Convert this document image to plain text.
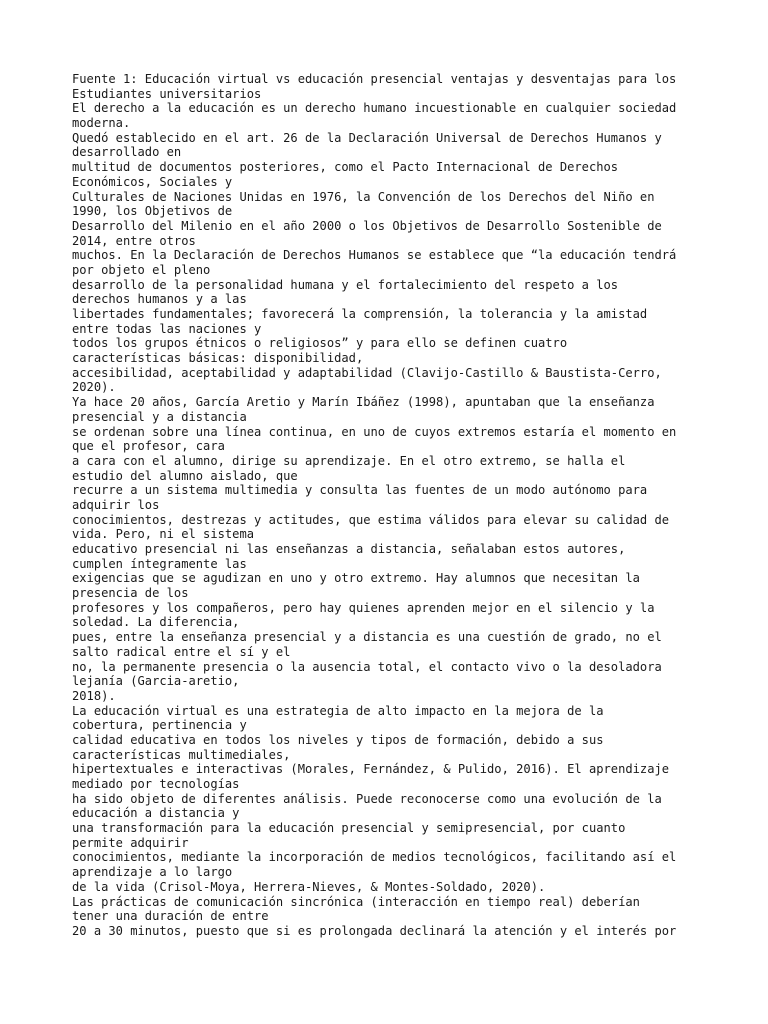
Fuente 1: Educación virtual vs educación presencial ventajas y desventajas para los
Estudiantes universitarios
El derecho a la educación es un derecho humano incuestionable en cualquier sociedad
moderna.
Quedó establecido en el art. 26 de la Declaración Universal de Derechos Humanos y
desarrollado en
multitud de documentos posteriores, como el Pacto Internacional de Derechos
Económicos, Sociales y
Culturales de Naciones Unidas en 1976, la Convención de los Derechos del Niño en
1990, los Objetivos de
Desarrollo del Milenio en el año 2000 o los Objetivos de Desarrollo Sostenible de
2014, entre otros
muchos. En la Declaración de Derechos Humanos se establece que “la educación tendrá
por objeto el pleno
desarrollo de la personalidad humana y el fortalecimiento del respeto a los
derechos humanos y a las
libertades fundamentales; favorecerá la comprensión, la tolerancia y la amistad
entre todas las naciones y
todos los grupos étnicos o religiosos” y para ello se definen cuatro
características básicas: disponibilidad,
accesibilidad, aceptabilidad y adaptabilidad (Clavijo-Castillo & Baustista-Cerro,
2020).
Ya hace 20 años, García Aretio y Marín Ibáñez (1998), apuntaban que la enseñanza
presencial y a distancia
se ordenan sobre una línea continua, en uno de cuyos extremos estaría el momento en
que el profesor, cara
a cara con el alumno, dirige su aprendizaje. En el otro extremo, se halla el
estudio del alumno aislado, que
recurre a un sistema multimedia y consulta las fuentes de un modo autónomo para
adquirir los
conocimientos, destrezas y actitudes, que estima válidos para elevar su calidad de
vida. Pero, ni el sistema
educativo presencial ni las enseñanzas a distancia, señalaban estos autores,
cumplen íntegramente las
exigencias que se agudizan en uno y otro extremo. Hay alumnos que necesitan la
presencia de los
profesores y los compañeros, pero hay quienes aprenden mejor en el silencio y la
soledad. La diferencia,
pues, entre la enseñanza presencial y a distancia es una cuestión de grado, no el
salto radical entre el sí y el
no, la permanente presencia o la ausencia total, el contacto vivo o la desoladora
lejanía (Garcia-aretio,
2018).
La educación virtual es una estrategia de alto impacto en la mejora de la
cobertura, pertinencia y
calidad educativa en todos los niveles y tipos de formación, debido a sus
características multimediales,
hipertextuales e interactivas (Morales, Fernández, & Pulido, 2016). El aprendizaje
mediado por tecnologías
ha sido objeto de diferentes análisis. Puede reconocerse como una evolución de la
educación a distancia y
una transformación para la educación presencial y semipresencial, por cuanto
permite adquirir
conocimientos, mediante la incorporación de medios tecnológicos, facilitando así el
aprendizaje a lo largo
de la vida (Crisol-Moya, Herrera-Nieves, & Montes-Soldado, 2020).
Las prácticas de comunicación sincrónica (interacción en tiempo real) deberían
tener una duración de entre
20 a 30 minutos, puesto que si es prolongada declinará la atención y el interés por
